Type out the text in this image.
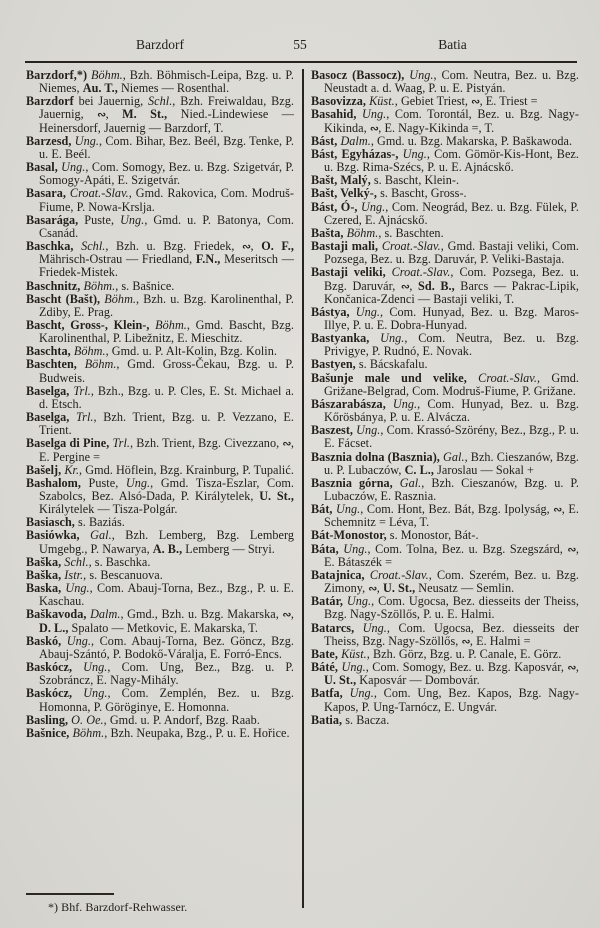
Barzdorf	55	Batia

Barzdorf,*) Böhm., Bzh. Böhmisch-Leipa, Bzg. u. P. Niemes, Au. T., Niemes — Rosenthal.

Barzdorf bei Jauernig, Schl., Bzh. Freiwaldau, Bzg. Jauernig, ∾, M. St., Nied.-Lindewiese — Heinersdorf, Jauernig — Barzdorf, T.

Barzesd, Ung., Com. Bihar, Bez. Beél, Bzg. Tenke, P. u. E. Beél.

Basal, Ung., Com. Somogy, Bez. u. Bzg. Szigetvár, P. Somogy-Apáti, E. Szigetvár.

Basara, Croat.-Slav., Gmd. Rakovica, Com. Modruš-Fiume, P. Nowa-Krslja.

Basarága, Puste, Ung., Gmd. u. P. Batonya, Com. Csanád.

Baschka, Schl., Bzh. u. Bzg. Friedek, ∾, O. F., Mährisch-Ostrau — Friedland, F.N., Meseritsch — Friedek-Mistek.

Baschnitz, Böhm., s. Bašnice.

Bascht (Bašt), Böhm., Bzh. u. Bzg. Karolinenthal, P. Zdiby, E. Prag.

Bascht, Gross-, Klein-, Böhm., Gmd. Bascht, Bzg. Karolinenthal, P. Libežnitz, E. Mieschitz.

Baschta, Böhm., Gmd. u. P. Alt-Kolin, Bzg. Kolin.

Baschten, Böhm., Gmd. Gross-Čekau, Bzg. u. P. Budweis.

Baselga, Trl., Bzh., Bzg. u. P. Cles, E. St. Michael a. d. Etsch.

Baselga, Trl., Bzh. Trient, Bzg. u. P. Vezzano, E. Trient.

Baselga di Pine, Trl., Bzh. Trient, Bzg. Civezzano, ∾, E. Pergine =

Bašelj, Kr., Gmd. Höflein, Bzg. Krainburg, P. Tupalić.

Bashalom, Puste, Ung., Gmd. Tisza-Eszlar, Com. Szabolcs, Bez. Alsó-Dada, P. Királytelek, U. St., Királytelek — Tisza-Polgár.

Basiasch, s. Baziás.

Basiówka, Gal., Bzh. Lemberg, Bzg. Lemberg Umgebg., P. Nawarya, A. B., Lemberg — Stryi.

Baška, Schl., s. Baschka.

Baška, Istr., s. Bescanuova.

Baska, Ung., Com. Abauj-Torna, Bez., Bzg., P. u. E. Kaschau.

Baškavoda, Dalm., Gmd., Bzh. u. Bzg. Makarska, ∾, D. L., Spalato — Metkovic, E. Makarska, T.

Baskó, Ung., Com. Abauj-Torna, Bez. Göncz, Bzg. Abauj-Szántó, P. Bodokő-Váralja, E. Forró-Encs.

Baskócz, Ung., Com. Ung, Bez., Bzg. u. P. Szobráncz, E. Nagy-Mihály.

Baskócz, Ung., Com. Zemplén, Bez. u. Bzg. Homonna, P. Göröginye, E. Homonna.

Basling, O. Oe., Gmd. u. P. Andorf, Bzg. Raab.

Bašnice, Böhm., Bzh. Neupaka, Bzg., P. u. E. Hořice.

*) Bhf. Barzdorf-Rehwasser.

Basocz (Bassocz), Ung., Com. Neutra, Bez. u. Bzg. Neustadt a. d. Waag, P. u. E. Pistyán.

Basovizza, Küst., Gebiet Triest, ∾, E. Triest =

Basahid, Ung., Com. Torontál, Bez. u. Bzg. Nagy-Kikinda, ∾, E. Nagy-Kikinda =, T.

Bást, Dalm., Gmd. u. Bzg. Makarska, P. Baškawoda.

Bást, Egyházas-, Ung., Com. Gömör-Kis-Hont, Bez. u. Bzg. Rima-Szécs, P. u. E. Ajnácskő.

Bašt, Malý, s. Bascht, Klein-.

Bašt, Velký-, s. Bascht, Gross-.

Bást, Ó-, Ung., Com. Neográd, Bez. u. Bzg. Fülek, P. Czered, E. Ajnácskő.

Bašta, Böhm., s. Baschten.

Bastaji mali, Croat.-Slav., Gmd. Bastaji veliki, Com. Pozsega, Bez. u. Bzg. Daruvár, P. Veliki-Bastaja.

Bastaji veliki, Croat.-Slav., Com. Pozsega, Bez. u. Bzg. Daruvár, ∾, Sd. B., Barcs — Pakrac-Lipik, Končanica-Zdenci — Bastaji veliki, T.

Bástya, Ung., Com. Hunyad, Bez. u. Bzg. Maros-Illye, P. u. E. Dobra-Hunyad.

Bastyanka, Ung., Com. Neutra, Bez. u. Bzg. Privigye, P. Rudnó, E. Novak.

Bastyen, s. Bácskafalu.

Bašunje male und velike, Croat.-Slav., Gmd. Grižane-Belgrad, Com. Modruš-Fiume, P. Grižane.

Bászarabásza, Ung., Com. Hunyad, Bez. u. Bzg. Kőrösbánya, P. u. E. Alvácza.

Baszest, Ung., Com. Krassó-Szörény, Bez., Bzg., P. u. E. Fácset.

Basznia dolna (Basznia), Gal., Bzh. Cieszanów, Bzg. u. P. Lubaczów, C. L., Jaroslau — Sokal +

Basznia górna, Gal., Bzh. Cieszanów, Bzg. u. P. Lubaczów, E. Rasznia.

Bát, Ung., Com. Hont, Bez. Bát, Bzg. Ipolyság, ∾, E. Schemnitz = Léva, T.

Bát-Monostor, s. Monostor, Bát-.

Báta, Ung., Com. Tolna, Bez. u. Bzg. Szegszárd, ∾, E. Bátaszék =

Batajnica, Croat.-Slav., Com. Szerém, Bez. u. Bzg. Zimony, ∾, U. St., Neusatz — Semlin.

Batár, Ung., Com. Ugocsa, Bez. diesseits der Theiss, Bzg. Nagy-Szöllős, P. u. E. Halmi.

Batarcs, Ung., Com. Ugocsa, Bez. diesseits der Theiss, Bzg. Nagy-Szöllős, ∾, E. Halmi =

Bate, Küst., Bzh. Görz, Bzg. u. P. Canale, E. Görz.

Báté, Ung., Com. Somogy, Bez. u. Bzg. Kaposvár, ∾, U. St., Kaposvár — Dombovár.

Batfa, Ung., Com. Ung, Bez. Kapos, Bzg. Nagy-Kapos, P. Ung-Tarnócz, E. Ungvár.

Batia, s. Bacza.
